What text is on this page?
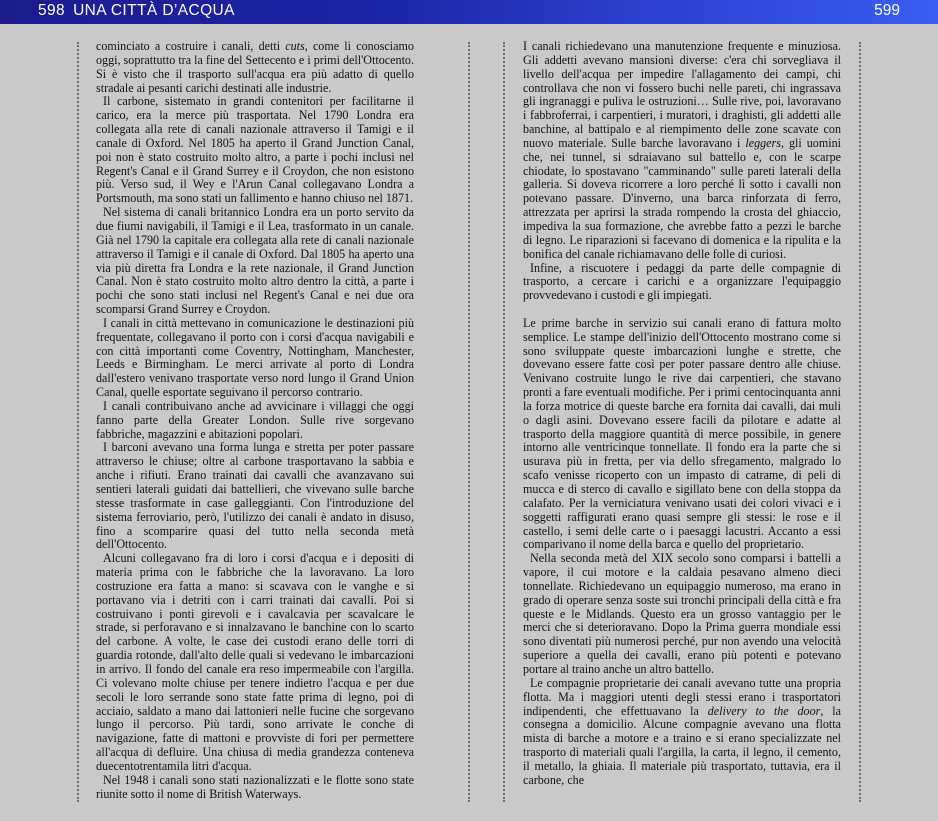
598 UNA CITTÀ D’ACQUA	599

cominciato a costruire i canali, detti cuts, come li conosciamo oggi, soprattutto tra la fine del Settecento e i primi dell'Ottocento. Si è visto che il trasporto sull'acqua era più adatto di quello stradale ai pesanti carichi destinati alle industrie.

Il carbone, sistemato in grandi contenitori per facilitarne il carico, era la merce più trasportata. Nel 1790 Londra era collegata alla rete di canali nazionale attraverso il Tamigi e il canale di Oxford. Nel 1805 ha aperto il Grand Junction Canal, poi non è stato costruito molto altro, a parte i pochi inclusi nel Regent's Canal e il Grand Surrey e il Croydon, che non esistono più. Verso sud, il Wey e l'Arun Canal collegavano Londra a Portsmouth, ma sono stati un fallimento e hanno chiuso nel 1871.

Nel sistema di canali britannico Londra era un porto servito da due fiumi navigabili, il Tamigi e il Lea, trasformato in un canale. Già nel 1790 la capitale era collegata alla rete di canali nazionale attraverso il Tamigi e il canale di Oxford. Dal 1805 ha aperto una via più diretta fra Londra e la rete nazionale, il Grand Junction Canal. Non è stato costruito molto altro dentro la città, a parte i pochi che sono stati inclusi nel Regent's Canal e nei due ora scomparsi Grand Surrey e Croydon.

I canali in città mettevano in comunicazione le destinazioni più frequentate, collegavano il porto con i corsi d'acqua navigabili e con città importanti come Coventry, Nottingham, Manchester, Leeds e Birmingham. Le merci arrivate al porto di Londra dall'estero venivano trasportate verso nord lungo il Grand Union Canal, quelle esportate seguivano il percorso contrario.

I canali contribuivano anche ad avvicinare i villaggi che oggi fanno parte della Greater London. Sulle rive sorgevano fabbriche, magazzini e abitazioni popolari.

I barconi avevano una forma lunga e stretta per poter passare attraverso le chiuse; oltre al carbone trasportavano la sabbia e anche i rifiuti. Erano trainati dai cavalli che avanzavano sui sentieri laterali guidati dai battellieri, che vivevano sulle barche stesse trasformate in case galleggianti. Con l'introduzione del sistema ferroviario, però, l'utilizzo dei canali è andato in disuso, fino a scomparire quasi del tutto nella seconda metà dell'Ottocento.

Alcuni collegavano fra di loro i corsi d'acqua e i depositi di materia prima con le fabbriche che la lavoravano. La loro costruzione era fatta a mano: si scavava con le vanghe e si portavano via i detriti con i carri trainati dai cavalli. Poi si costruivano i ponti girevoli e i cavalcavia per scavalcare le strade, si perforavano e si innalzavano le banchine con lo scarto del carbone. A volte, le case dei custodi erano delle torri di guardia rotonde, dall'alto delle quali si vedevano le imbarcazioni in arrivo. Il fondo del canale era reso impermeabile con l'argilla. Ci volevano molte chiuse per tenere indietro l'acqua e per due secoli le loro serrande sono state fatte prima di legno, poi di acciaio, saldato a mano dai lattonieri nelle fucine che sorgevano lungo il percorso. Più tardi, sono arrivate le conche di navigazione, fatte di mattoni e provviste di fori per permettere all'acqua di defluire. Una chiusa di media grandezza conteneva duecentotrentamila litri d'acqua.

Nel 1948 i canali sono stati nazionalizzati e le flotte sono state riunite sotto il nome di British Waterways.

I canali richiedevano una manutenzione frequente e minuziosa. Gli addetti avevano mansioni diverse: c'era chi sorvegliava il livello dell'acqua per impedire l'allagamento dei campi, chi controllava che non vi fossero buchi nelle pareti, chi ingrassava gli ingranaggi e puliva le ostruzioni… Sulle rive, poi, lavoravano i fabbroferrai, i carpentieri, i muratori, i draghisti, gli addetti alle banchine, al battipalo e al riempimento delle zone scavate con nuovo materiale. Sulle barche lavoravano i leggers, gli uomini che, nei tunnel, si sdraiavano sul battello e, con le scarpe chiodate, lo spostavano "camminando" sulle pareti laterali della galleria. Si doveva ricorrere a loro perché lì sotto i cavalli non potevano passare. D'inverno, una barca rinforzata di ferro, attrezzata per aprirsi la strada rompendo la crosta del ghiaccio, impediva la sua formazione, che avrebbe fatto a pezzi le barche di legno. Le riparazioni si facevano di domenica e la ripulita e la bonifica del canale richiamavano delle folle di curiosi.

Infine, a riscuotere i pedaggi da parte delle compagnie di trasporto, a cercare i carichi e a organizzare l'equipaggio provvedevano i custodi e gli impiegati.

Le prime barche in servizio sui canali erano di fattura molto semplice. Le stampe dell'inizio dell'Ottocento mostrano come si sono sviluppate queste imbarcazioni lunghe e strette, che dovevano essere fatte così per poter passare dentro alle chiuse. Venivano costruite lungo le rive dai carpentieri, che stavano pronti a fare eventuali modifiche. Per i primi centocinquanta anni la forza motrice di queste barche era fornita dai cavalli, dai muli o dagli asini. Dovevano essere facili da pilotare e adatte al trasporto della maggiore quantità di merce possibile, in genere intorno alle ventricinque tonnellate. Il fondo era la parte che si usurava più in fretta, per via dello sfregamento, malgrado lo scafo venisse ricoperto con un impasto di catrame, di peli di mucca e di sterco di cavallo e sigillato bene con della stoppa da calafato. Per la verniciatura venivano usati dei colori vivaci e i soggetti raffigurati erano quasi sempre gli stessi: le rose e il castello, i semi delle carte o i paesaggi lacustri. Accanto a essi comparivano il nome della barca e quello del proprietario.

Nella seconda metà del XIX secolo sono comparsi i battelli a vapore, il cui motore e la caldaia pesavano almeno dieci tonnellate. Richiedevano un equipaggio numeroso, ma erano in grado di operare senza soste sui tronchi principali della città e fra queste e le Midlands. Questo era un grosso vantaggio per le merci che si deterioravano. Dopo la Prima guerra mondiale essi sono diventati più numerosi perché, pur non avendo una velocità superiore a quella dei cavalli, erano più potenti e potevano portare al traino anche un altro battello.

Le compagnie proprietarie dei canali avevano tutte una propria flotta. Ma i maggiori utenti degli stessi erano i trasportatori indipendenti, che effettuavano la delivery to the door, la consegna a domicilio. Alcune compagnie avevano una flotta mista di barche a motore e a traino e si erano specializzate nel trasporto di materiali quali l'argilla, la carta, il legno, il cemento, il metallo, la ghiaia. Il materiale più trasportato, tuttavia, era il carbone, che
